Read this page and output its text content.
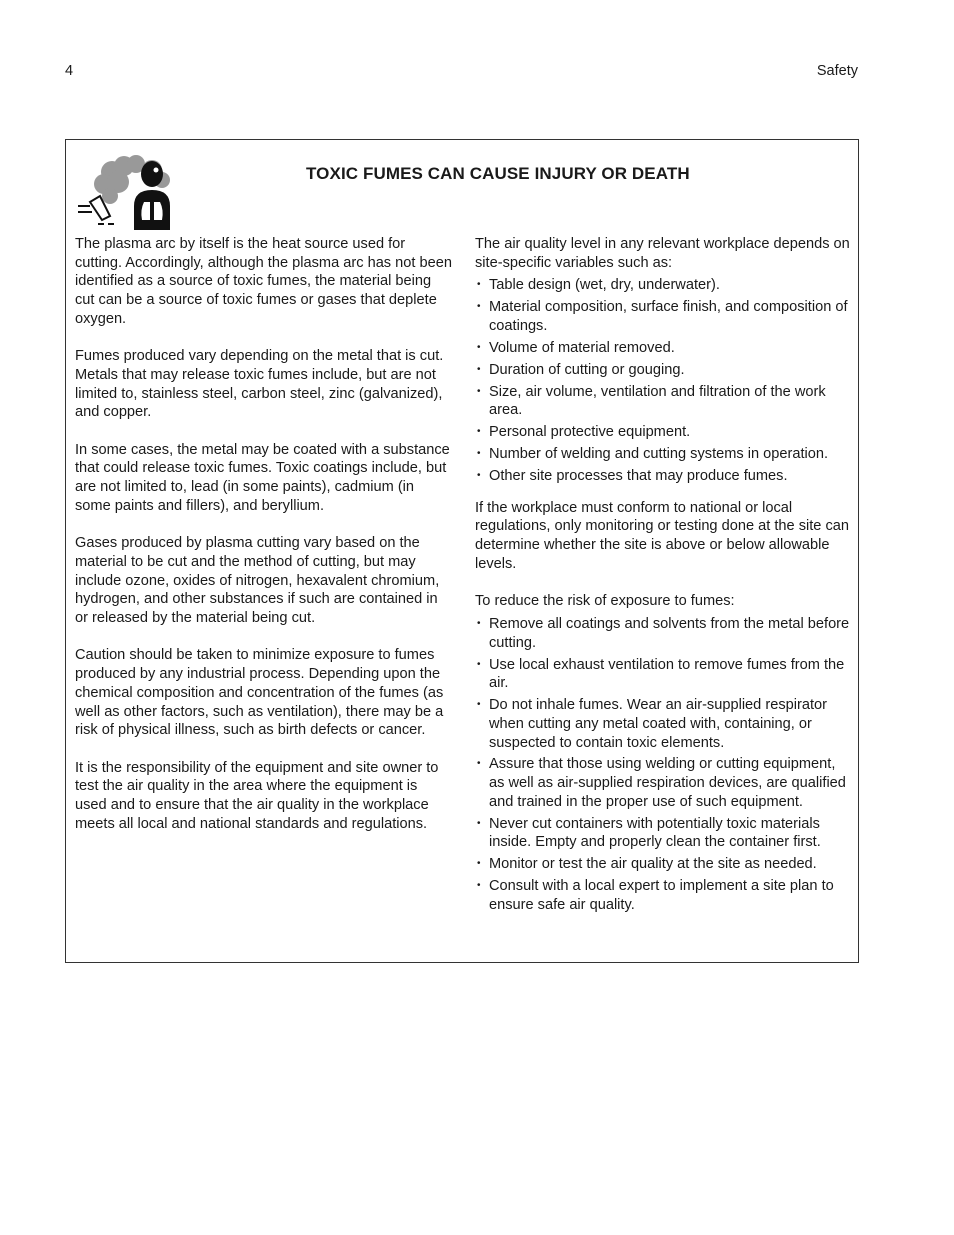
4	Safety
TOXIC FUMES CAN CAUSE INJURY OR DEATH

The plasma arc by itself is the heat source used for cutting. Accordingly, although the plasma arc has not been identified as a source of toxic fumes, the material being cut can be a source of toxic fumes or gases that deplete oxygen.

Fumes produced vary depending on the metal that is cut. Metals that may release toxic fumes include, but are not limited to, stainless steel, carbon steel, zinc (galvanized), and copper.

In some cases, the metal may be coated with a substance that could release toxic fumes. Toxic coatings include, but are not limited to, lead (in some paints), cadmium (in some paints and fillers), and beryllium.

Gases produced by plasma cutting vary based on the material to be cut and the method of cutting, but may include ozone, oxides of nitrogen, hexavalent chromium, hydrogen, and other substances if such are contained in or released by the material being cut.

Caution should be taken to minimize exposure to fumes produced by any industrial process. Depending upon the chemical composition and concentration of the fumes (as well as other factors, such as ventilation), there may be a risk of physical illness, such as birth defects or cancer.

It is the responsibility of the equipment and site owner to test the air quality in the area where the equipment is used and to ensure that the air quality in the workplace meets all local and national standards and regulations.

The air quality level in any relevant workplace depends on site-specific variables such as:

• Table design (wet, dry, underwater).
• Material composition, surface finish, and composition of coatings.
• Volume of material removed.
• Duration of cutting or gouging.
• Size, air volume, ventilation and filtration of the work area.
• Personal protective equipment.
• Number of welding and cutting systems in operation.
• Other site processes that may produce fumes.

If the workplace must conform to national or local regulations, only monitoring or testing done at the site can determine whether the site is above or below allowable levels.

To reduce the risk of exposure to fumes:

• Remove all coatings and solvents from the metal before cutting.
• Use local exhaust ventilation to remove fumes from the air.
• Do not inhale fumes. Wear an air-supplied respirator when cutting any metal coated with, containing, or suspected to contain toxic elements.
• Assure that those using welding or cutting equipment, as well as air-supplied respiration devices, are qualified and trained in the proper use of such equipment.
• Never cut containers with potentially toxic materials inside. Empty and properly clean the container first.
• Monitor or test the air quality at the site as needed.
• Consult with a local expert to implement a site plan to ensure safe air quality.
